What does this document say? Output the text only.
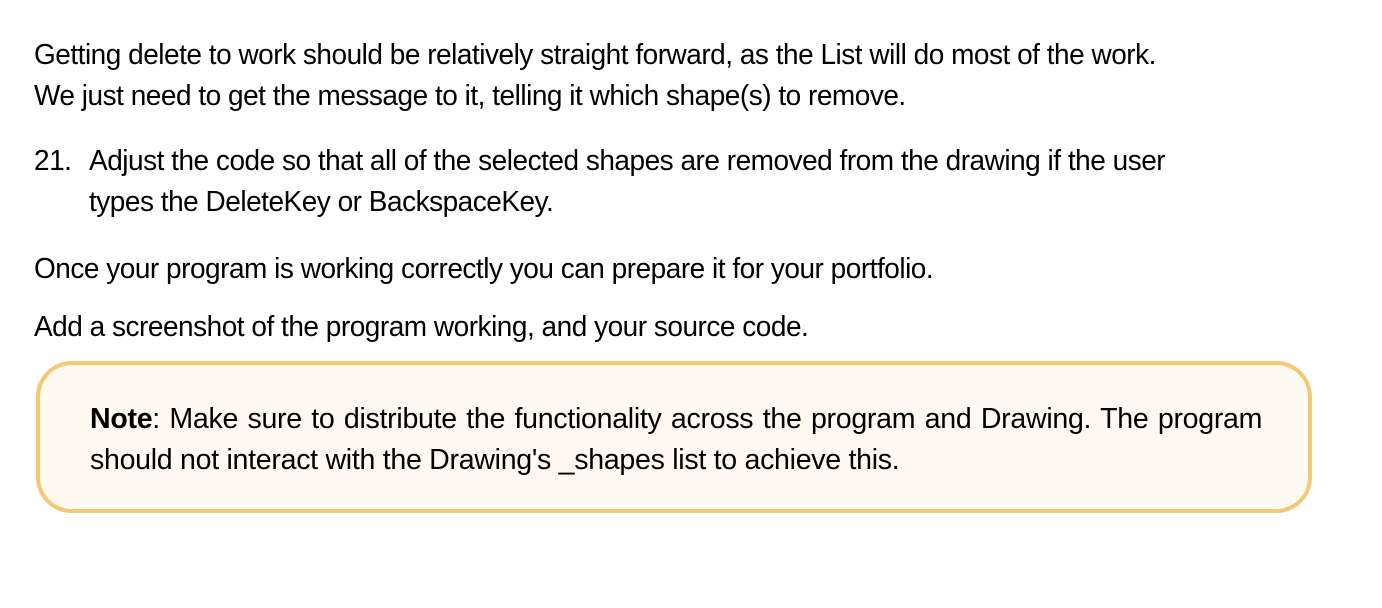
Getting delete to work should be relatively straight forward, as the List will do most of the work.
We just need to get the message to it, telling it which shape(s) to remove.
21. Adjust the code so that all of the selected shapes are removed from the drawing if the user
types the DeleteKey or BackspaceKey.

Once your program is working correctly you can prepare it for your portfolio.

Add a screenshot of the program working, and your source code.

Note: Make sure to distribute the functionality across the program and Drawing. The program should not interact with the Drawing's _shapes list to achieve this.
